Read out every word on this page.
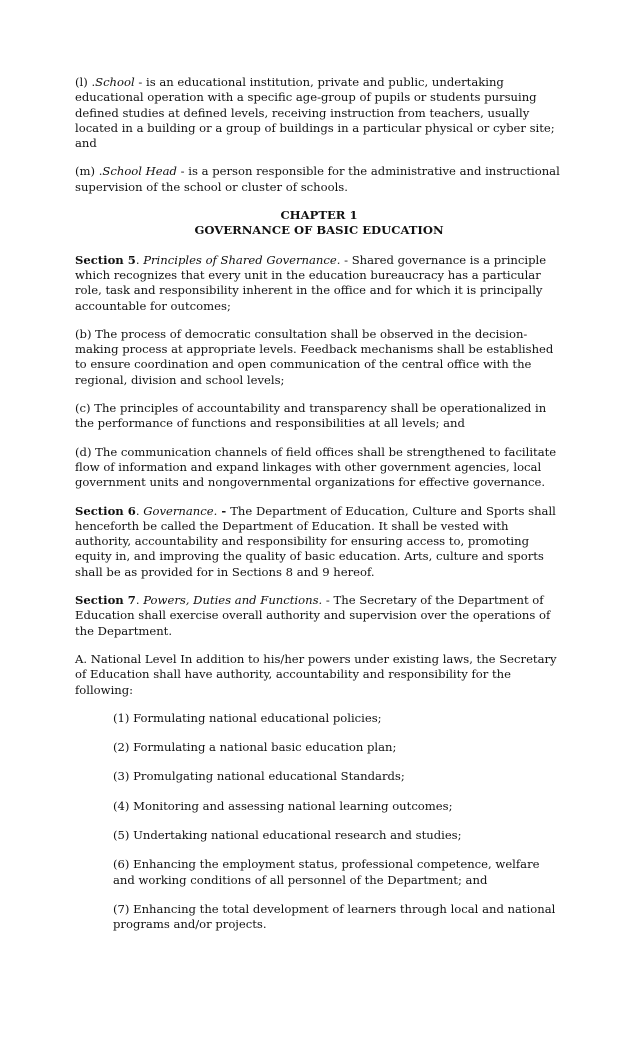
(l) .School - is an educational institution, private and public, undertaking educational operation with a specific age-group of pupils or students pursuing defined studies at defined levels, receiving instruction from teachers, usually located in a building or a group of buildings in a particular physical or cyber site; and

(m) .School Head - is a person responsible for the administrative and instructional supervision of the school or cluster of schools.

CHAPTER 1
GOVERNANCE OF BASIC EDUCATION

Section 5. Principles of Shared Governance. - Shared governance is a principle which recognizes that every unit in the education bureaucracy has a particular role, task and responsibility inherent in the office and for which it is principally accountable for outcomes;

(b) The process of democratic consultation shall be observed in the decision-making process at appropriate levels. Feedback mechanisms shall be established to ensure coordination and open communication of the central office with the regional, division and school levels;

(c) The principles of accountability and transparency shall be operationalized in the performance of functions and responsibilities at all levels; and

(d) The communication channels of field offices shall be strengthened to facilitate flow of information and expand linkages with other government agencies, local government units and nongovernmental organizations for effective governance.

Section 6. Governance. - The Department of Education, Culture and Sports shall henceforth be called the Department of Education. It shall be vested with authority, accountability and responsibility for ensuring access to, promoting equity in, and improving the quality of basic education. Arts, culture and sports shall be as provided for in Sections 8 and 9 hereof.

Section 7. Powers, Duties and Functions. - The Secretary of the Department of Education shall exercise overall authority and supervision over the operations of the Department.

A. National Level In addition to his/her powers under existing laws, the Secretary of Education shall have authority, accountability and responsibility for the following:

(1) Formulating national educational policies;

(2) Formulating a national basic education plan;

(3) Promulgating national educational Standards;

(4) Monitoring and assessing national learning outcomes;

(5) Undertaking national educational research and studies;

(6) Enhancing the employment status, professional competence, welfare and working conditions of all personnel of the Department; and

(7) Enhancing the total development of learners through local and national programs and/or projects.
